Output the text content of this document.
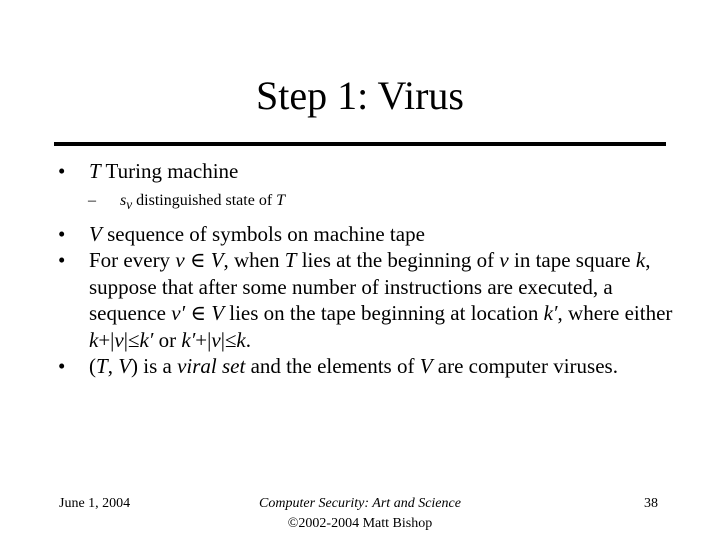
Step 1: Virus
• T Turing machine
– $s_v$ distinguished state of T
• V sequence of symbols on machine tape
• For every v ∈ V, when T lies at the beginning of v in tape square k, suppose that after some number of instructions are executed, a sequence v′ ∈ V lies on the tape beginning at location k′, where either k+|v|≤k′ or k′+|v|≤k.
• (T, V) is a viral set and the elements of V are computer viruses.
June 1, 2004	Computer Security: Art and Science
©2002-2004 Matt Bishop
38
